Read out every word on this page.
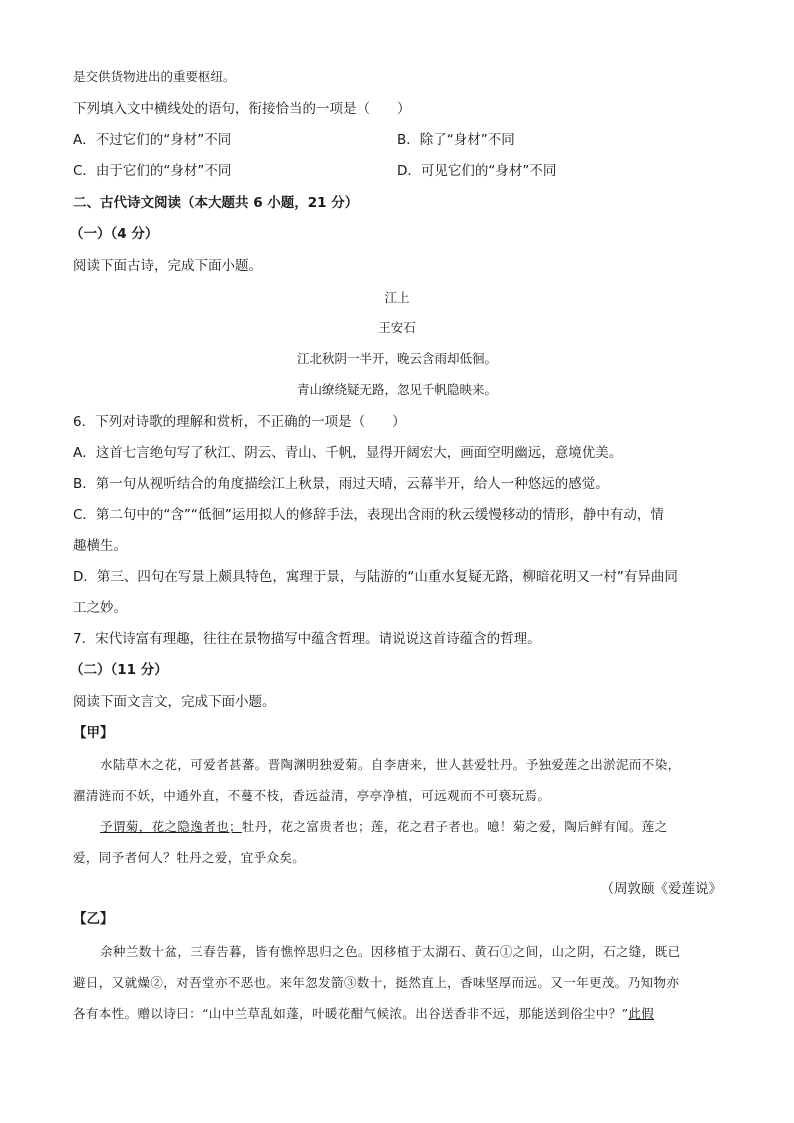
是交供货物进出的重要枢纽。
下列填入文中横线处的语句，衔接恰当的一项是（　　）
A．不过它们的“身材”不同	B．除了“身材”不同
C．由于它们的“身材”不同	D．可见它们的“身材”不同
二、古代诗文阅读（本大题共 6 小题，21 分）
（一）（4 分）
阅读下面古诗，完成下面小题。
江上
王安石
江北秋阴一半开，晚云含雨却低徊。
青山缭绕疑无路，忽见千帆隐映来。
6．下列对诗歌的理解和赏析，不正确的一项是（　　）
A．这首七言绝句写了秋江、阴云、青山、千帆，显得开阔宏大，画面空明幽远，意境优美。
B．第一句从视听结合的角度描绘江上秋景，雨过天晴，云幕半开，给人一种悠远的感觉。
C．第二句中的“含”“低徊”运用拟人的修辞手法，表现出含雨的秋云缓慢移动的情形，静中有动，情
趣横生。
D．第三、四句在写景上颇具特色，寓理于景，与陆游的“山重水复疑无路，柳暗花明又一村”有异曲同
工之妙。
7．宋代诗富有理趣，往往在景物描写中蕴含哲理。请说说这首诗蕴含的哲理。
（二）（11 分）
阅读下面文言文，完成下面小题。
【甲】
水陆草木之花，可爱者甚蕃。晋陶渊明独爱菊。自李唐来，世人甚爱牡丹。予独爱莲之出淤泥而不染，
濯清涟而不妖，中通外直，不蔓不枝，香远益清，亭亭净植，可远观而不可亵玩焉。
予谓菊，花之隐逸者也；牡丹，花之富贵者也；莲，花之君子者也。噫！菊之爱，陶后鲜有闻。莲之
爱，同予者何人？牡丹之爱，宜乎众矣。
（周敦颐《爱莲说》
【乙】
余种兰数十盆，三春告暮，皆有憔悴思归之色。因移植于太湖石、黄石①之间，山之阴，石之缝，既已
避日，又就燥②，对吾堂亦不恶也。来年忽发箭③数十，挺然直上，香味坚厚而远。又一年更茂。乃知物亦
各有本性。赠以诗曰：“山中兰草乱如蓬，叶暖花酣气候浓。出谷送香非不远，那能送到俗尘中？”此假
